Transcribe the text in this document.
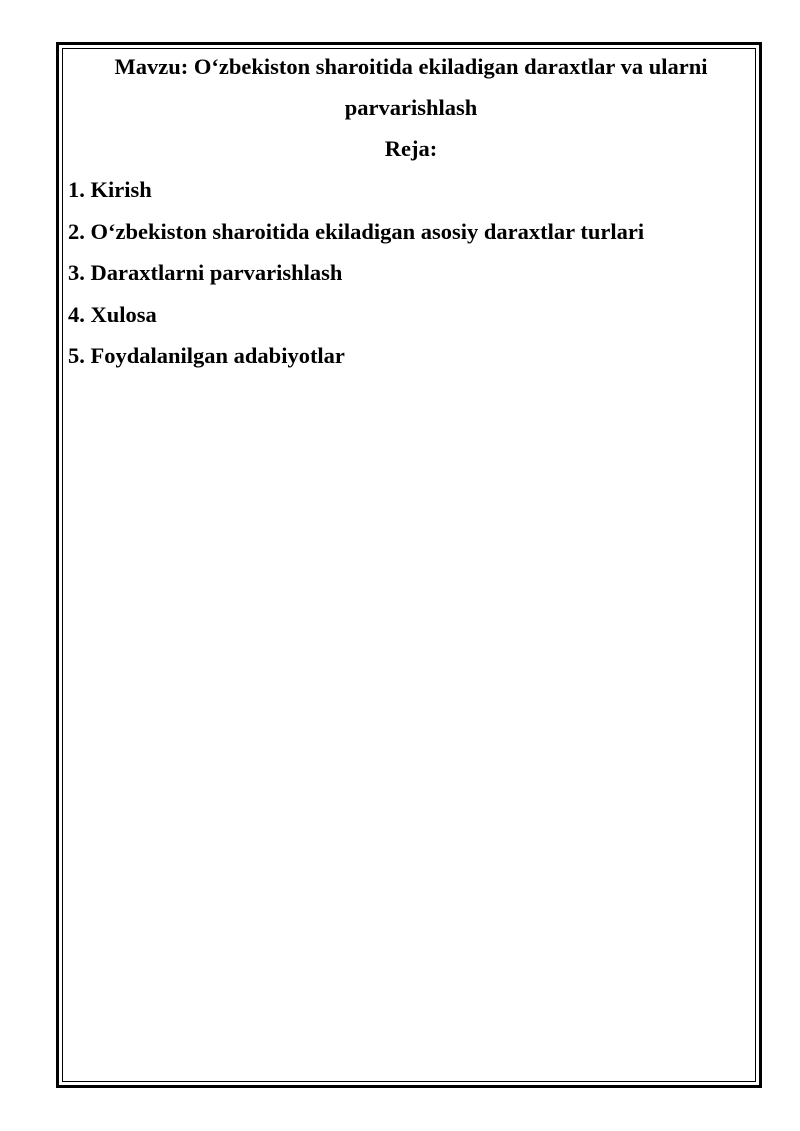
Mavzu: O‘zbekiston sharoitida ekiladigan daraxtlar va ularni

parvarishlash

Reja:

1. Kirish
2. O‘zbekiston sharoitida ekiladigan asosiy daraxtlar turlari
3. Daraxtlarni parvarishlash
4. Xulosa
5. Foydalanilgan adabiyotlar
